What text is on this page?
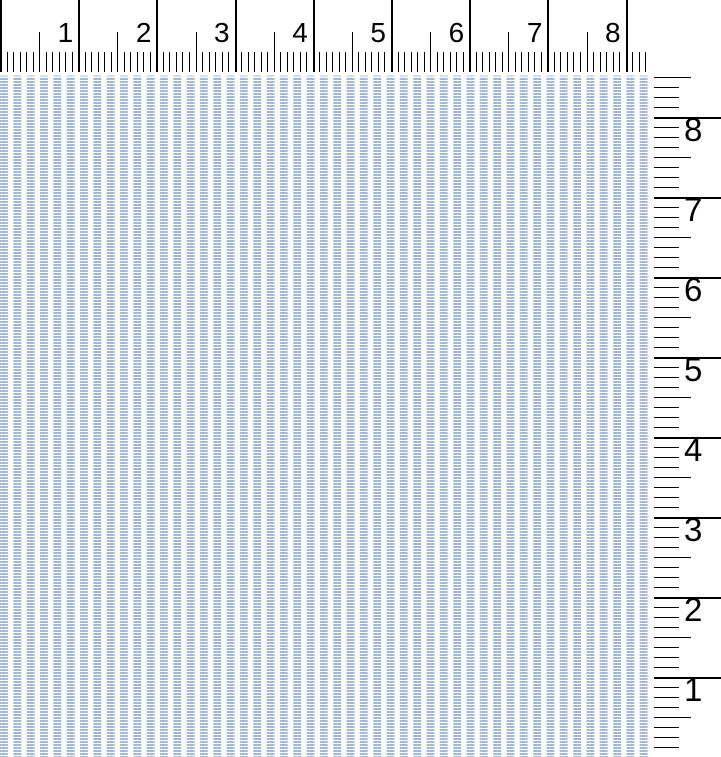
1 2 3 4 5 6 7 8
8
7
6
5
4
3
2
1
